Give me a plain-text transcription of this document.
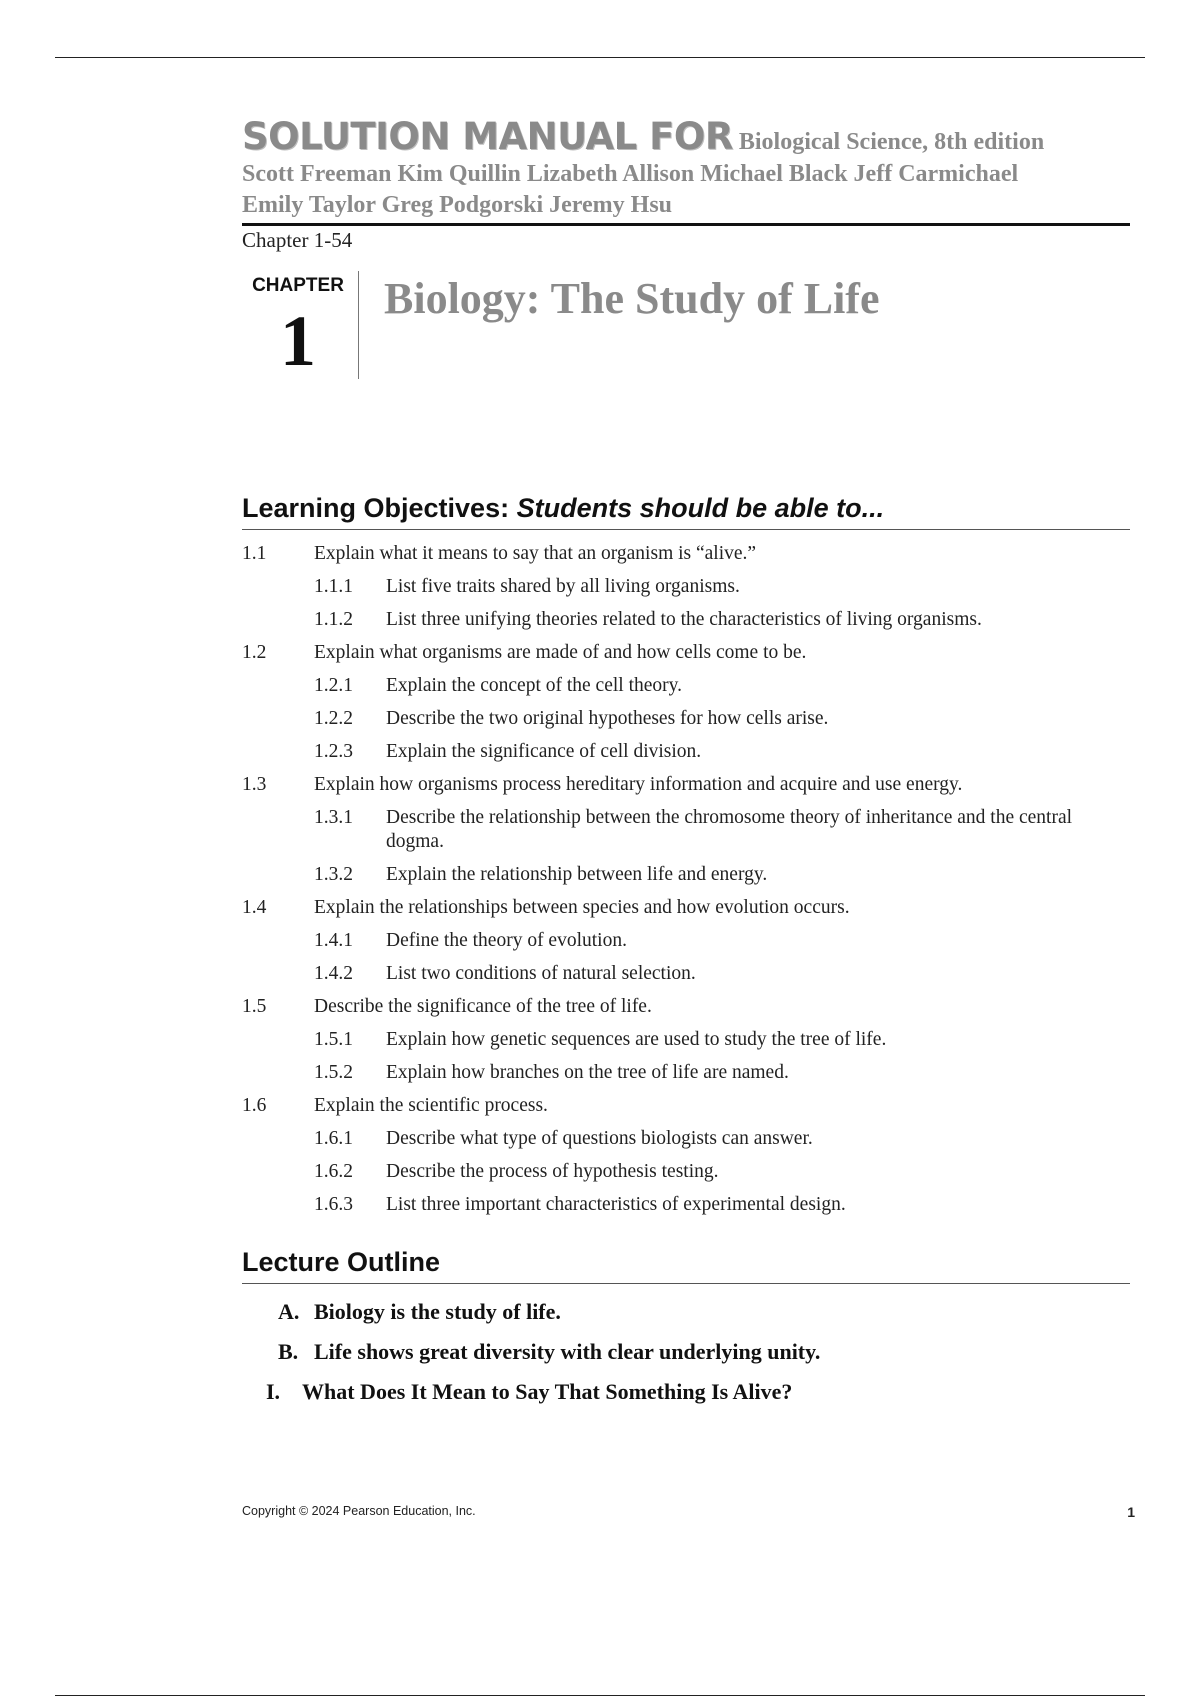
SOLUTION MANUAL FOR Biological Science, 8th edition
Scott Freeman Kim Quillin Lizabeth Allison Michael Black Jeff Carmichael
Emily Taylor Greg Podgorski Jeremy Hsu
Chapter 1-54
CHAPTER
1
Biology: The Study of Life
Learning Objectives: Students should be able to...
1.1	Explain what it means to say that an organism is “alive.”
1.1.1	List five traits shared by all living organisms.
1.1.2	List three unifying theories related to the characteristics of living organisms.
1.2	Explain what organisms are made of and how cells come to be.
1.2.1	Explain the concept of the cell theory.
1.2.2	Describe the two original hypotheses for how cells arise.
1.2.3	Explain the significance of cell division.
1.3	Explain how organisms process hereditary information and acquire and use energy.
1.3.1	Describe the relationship between the chromosome theory of inheritance and the central dogma.
1.3.2	Explain the relationship between life and energy.
1.4	Explain the relationships between species and how evolution occurs.
1.4.1	Define the theory of evolution.
1.4.2	List two conditions of natural selection.
1.5	Describe the significance of the tree of life.
1.5.1	Explain how genetic sequences are used to study the tree of life.
1.5.2	Explain how branches on the tree of life are named.
1.6	Explain the scientific process.
1.6.1	Describe what type of questions biologists can answer.
1.6.2	Describe the process of hypothesis testing.
1.6.3	List three important characteristics of experimental design.
Lecture Outline
A. Biology is the study of life.
B. Life shows great diversity with clear underlying unity.
I. What Does It Mean to Say That Something Is Alive?
Copyright © 2024 Pearson Education, Inc.	1
